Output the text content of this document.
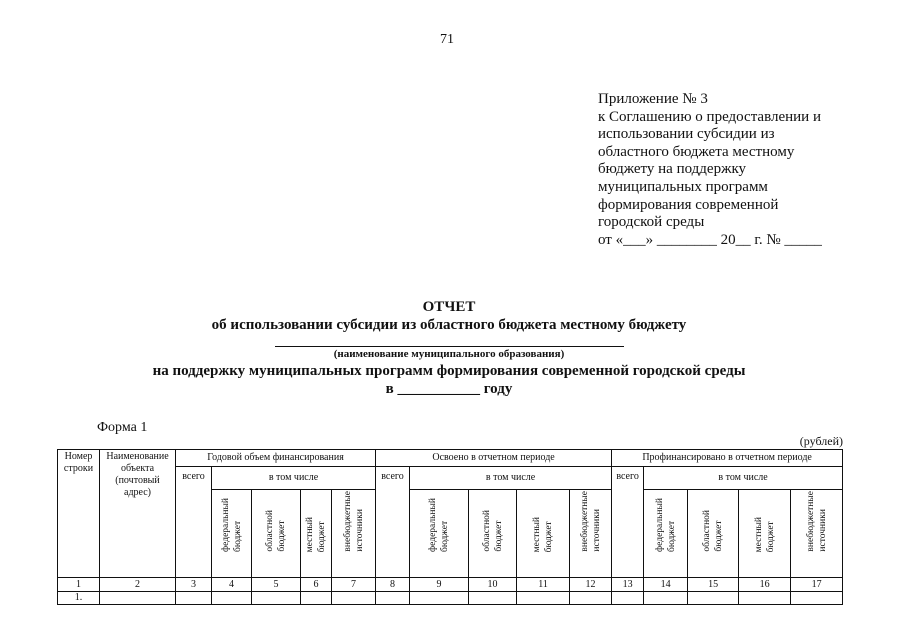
71
Приложение № 3
к Соглашению о предоставлении и
использовании субсидии из
областного бюджета местному
бюджету на поддержку
муниципальных программ
формирования современной
городской среды
от «___» ________ 20__ г. № _____
ОТЧЕТ
об использовании субсидии из областного бюджета местному бюджету
(наименование муниципального образования)
на поддержку муниципальных программ формирования современной городской среды
в ___________ году
Форма 1
(рублей)
Номер строки	Наименование объекта (почтовый адрес)	Годовой объем финансирования					Освоено в отчетном периоде					Профинансировано в отчетном периоде				
		всего	в том числе				всего	в том числе				всего	в том числе			
			федеральный бюджет	областной бюджет	местный бюджет	внебюджетные источники		федеральный бюджет	областной бюджет	местный бюджет	внебюджетные источники		федеральный бюджет	областной бюджет	местный бюджет	внебюджетные источники
1	2	3	4	5	6	7	8	9	10	11	12	13	14	15	16	17
1.																
